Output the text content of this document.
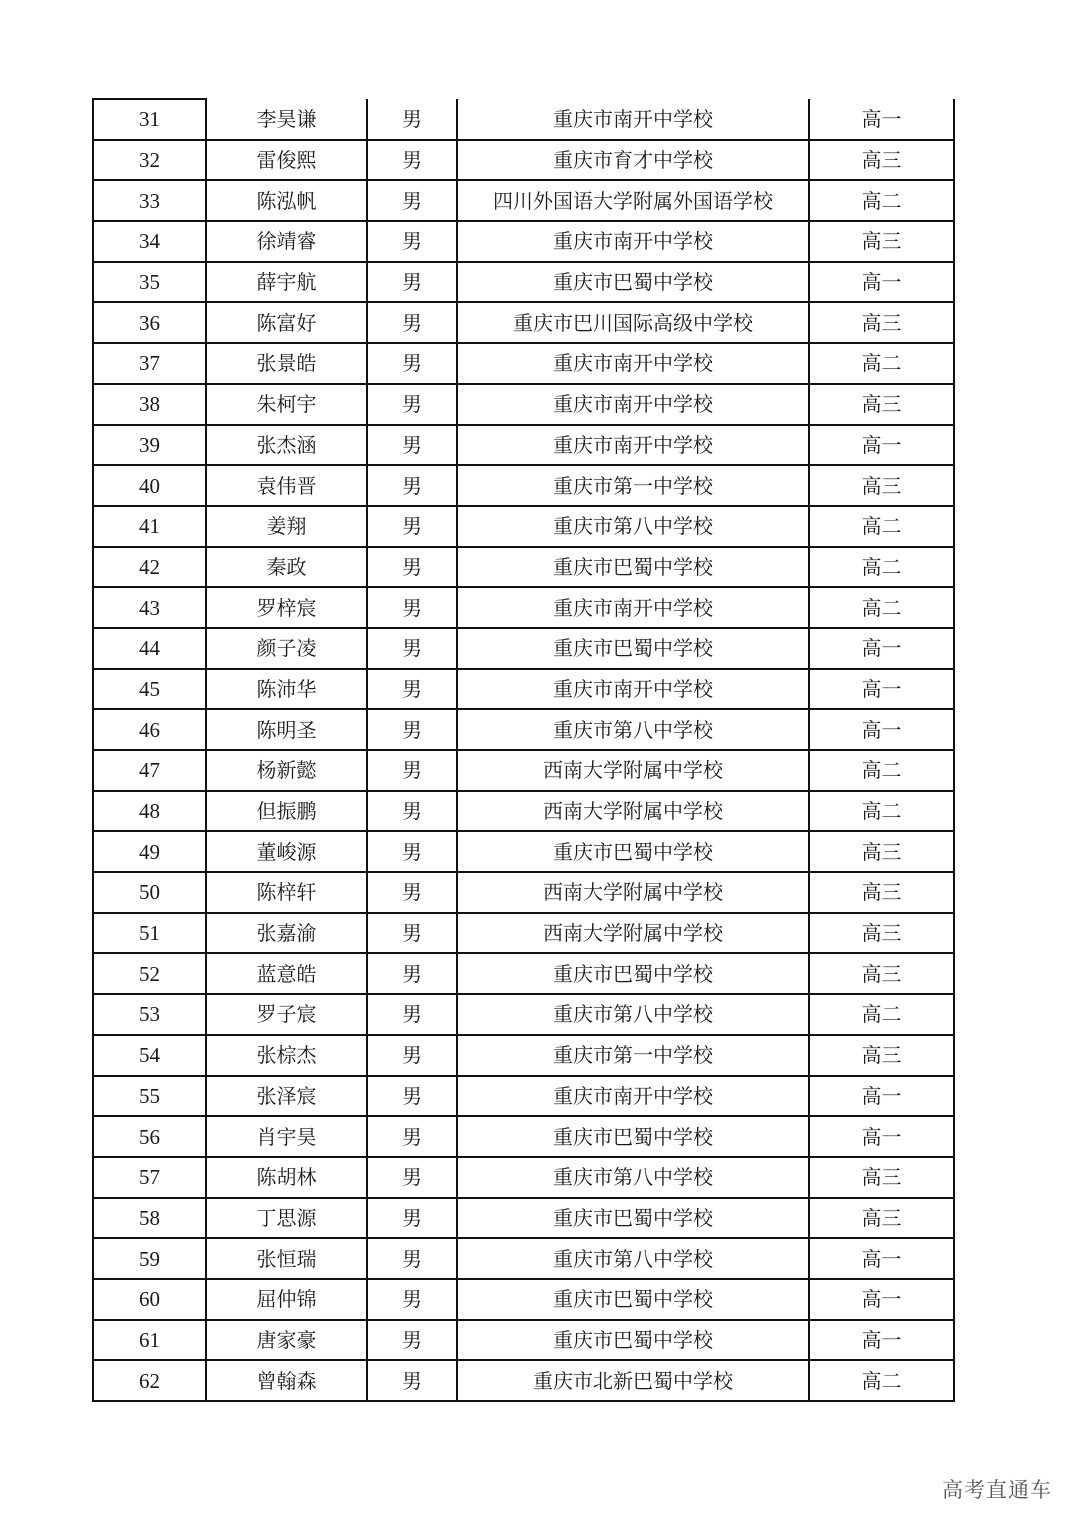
31	李昊谦	男	重庆市南开中学校	高一
32	雷俊熙	男	重庆市育才中学校	高三
33	陈泓帆	男	四川外国语大学附属外国语学校	高二
34	徐靖睿	男	重庆市南开中学校	高三
35	薛宇航	男	重庆市巴蜀中学校	高一
36	陈富好	男	重庆市巴川国际高级中学校	高三
37	张景皓	男	重庆市南开中学校	高二
38	朱柯宇	男	重庆市南开中学校	高三
39	张杰涵	男	重庆市南开中学校	高一
40	袁伟晋	男	重庆市第一中学校	高三
41	姜翔	男	重庆市第八中学校	高二
42	秦政	男	重庆市巴蜀中学校	高二
43	罗梓宸	男	重庆市南开中学校	高二
44	颜子凌	男	重庆市巴蜀中学校	高一
45	陈沛华	男	重庆市南开中学校	高一
46	陈明圣	男	重庆市第八中学校	高一
47	杨新懿	男	西南大学附属中学校	高二
48	但振鹏	男	西南大学附属中学校	高二
49	董峻源	男	重庆市巴蜀中学校	高三
50	陈梓轩	男	西南大学附属中学校	高三
51	张嘉渝	男	西南大学附属中学校	高三
52	蓝意皓	男	重庆市巴蜀中学校	高三
53	罗子宸	男	重庆市第八中学校	高二
54	张棕杰	男	重庆市第一中学校	高三
55	张泽宸	男	重庆市南开中学校	高一
56	肖宇昊	男	重庆市巴蜀中学校	高一
57	陈胡林	男	重庆市第八中学校	高三
58	丁思源	男	重庆市巴蜀中学校	高三
59	张恒瑞	男	重庆市第八中学校	高一
60	屈仲锦	男	重庆市巴蜀中学校	高一
61	唐家豪	男	重庆市巴蜀中学校	高一
62	曾翰森	男	重庆市北新巴蜀中学校	高二
高考直通车
